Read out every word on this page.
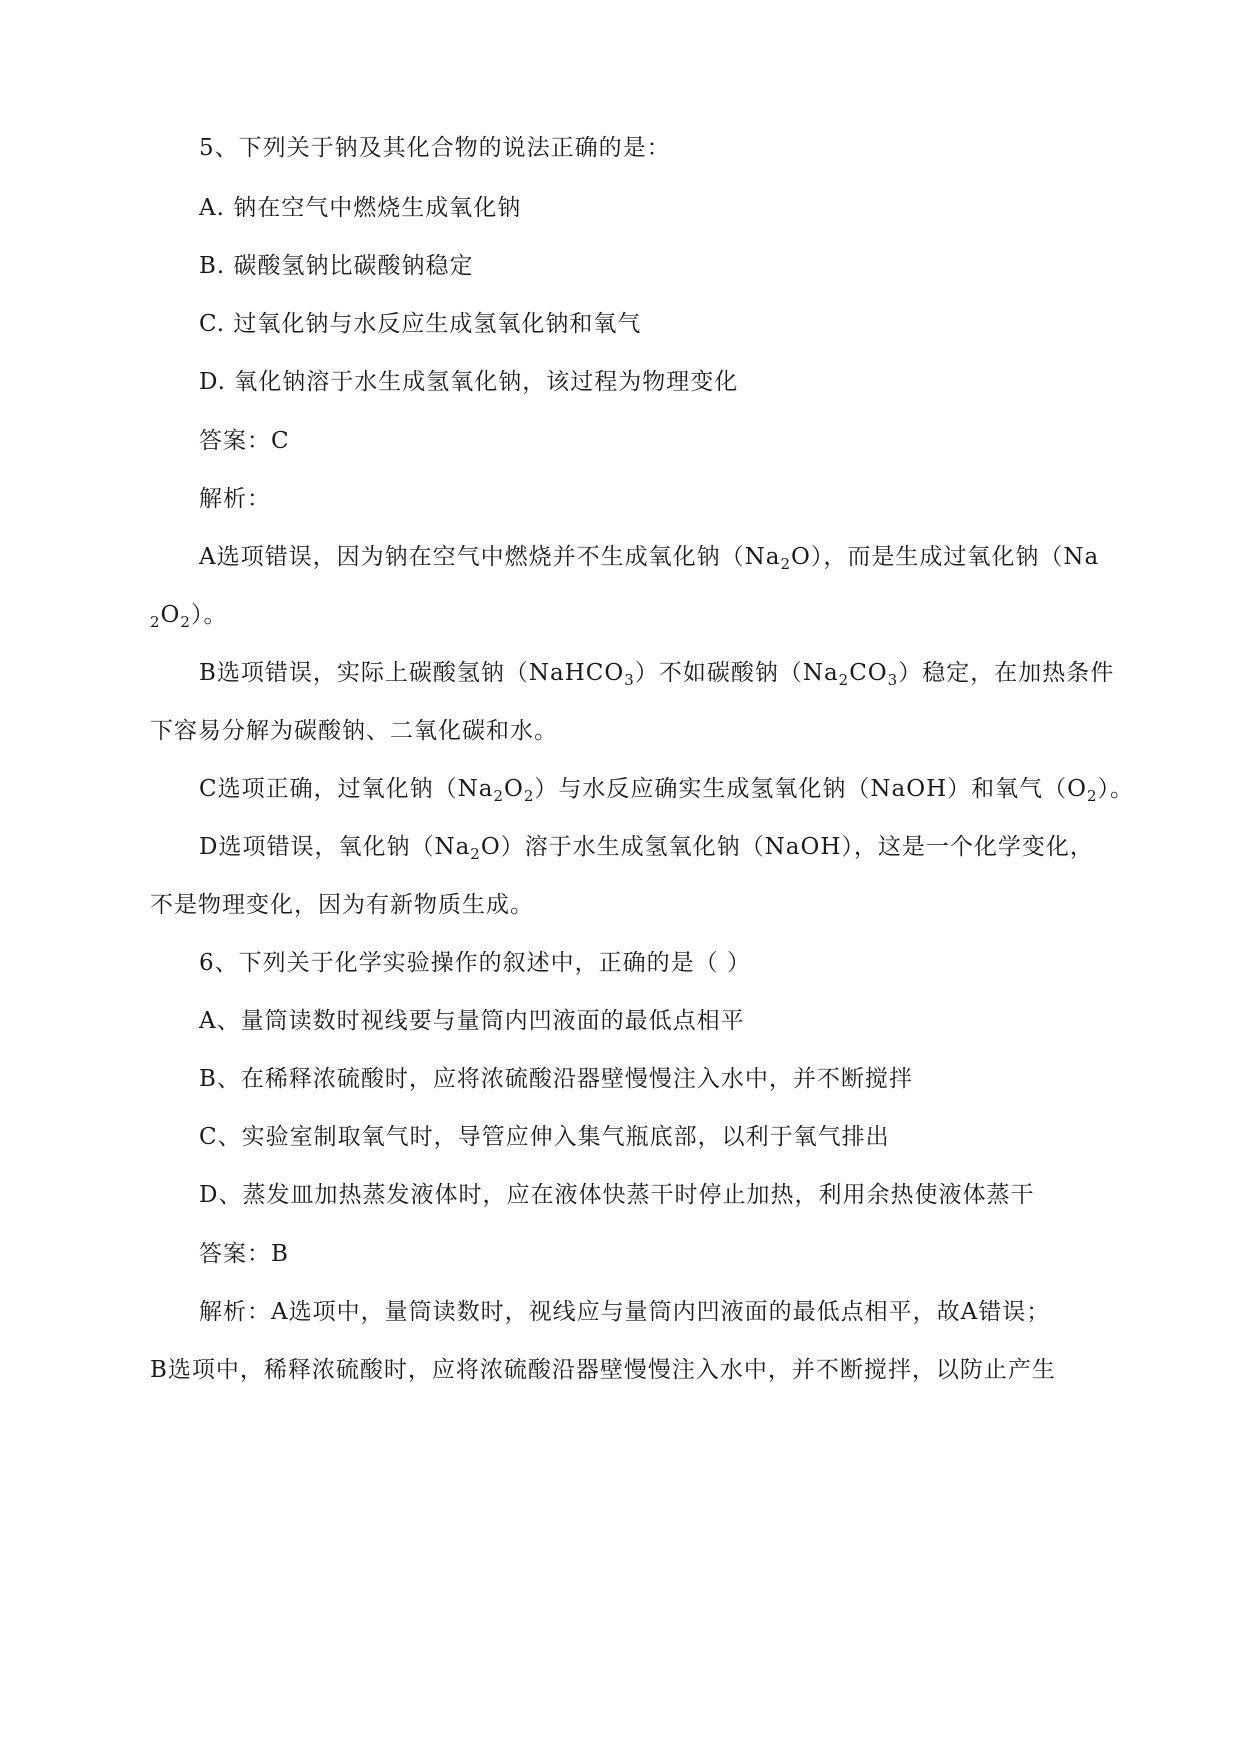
5、下列关于钠及其化合物的说法正确的是：
A. 钠在空气中燃烧生成氧化钠
B. 碳酸氢钠比碳酸钠稳定
C. 过氧化钠与水反应生成氢氧化钠和氧气
D. 氧化钠溶于水生成氢氧化钠，该过程为物理变化
答案：C
解析：
A选项错误，因为钠在空气中燃烧并不生成氧化钠$(Na_2O)$，而是生成过氧化钠（Na
$_2O_2$）。
B选项错误，实际上碳酸氢钠（NaHCO$_3$）不如碳酸钠$(Na_2CO_3)$稳定，在加热条件
下容易分解为碳酸钠、二氧化碳和水。
C选项正确，过氧化钠$(Na_2O_2)$与水反应确实生成氢氧化钠（NaOH）和氧气$(O_2)$。
D选项错误，氧化钠$(Na_2O)$溶于水生成氢氧化钠（NaOH），这是一个化学变化，
不是物理变化，因为有新物质生成。
6、下列关于化学实验操作的叙述中，正确的是（ ）
A、量筒读数时视线要与量筒内凹液面的最低点相平
B、在稀释浓硫酸时，应将浓硫酸沿器壁慢慢注入水中，并不断搅拌
C、实验室制取氧气时，导管应伸入集气瓶底部，以利于氧气排出
D、蒸发皿加热蒸发液体时，应在液体快蒸干时停止加热，利用余热使液体蒸干
答案：B
解析：A选项中，量筒读数时，视线应与量筒内凹液面的最低点相平，故A错误；
B选项中，稀释浓硫酸时，应将浓硫酸沿器壁慢慢注入水中，并不断搅拌，以防止产生
